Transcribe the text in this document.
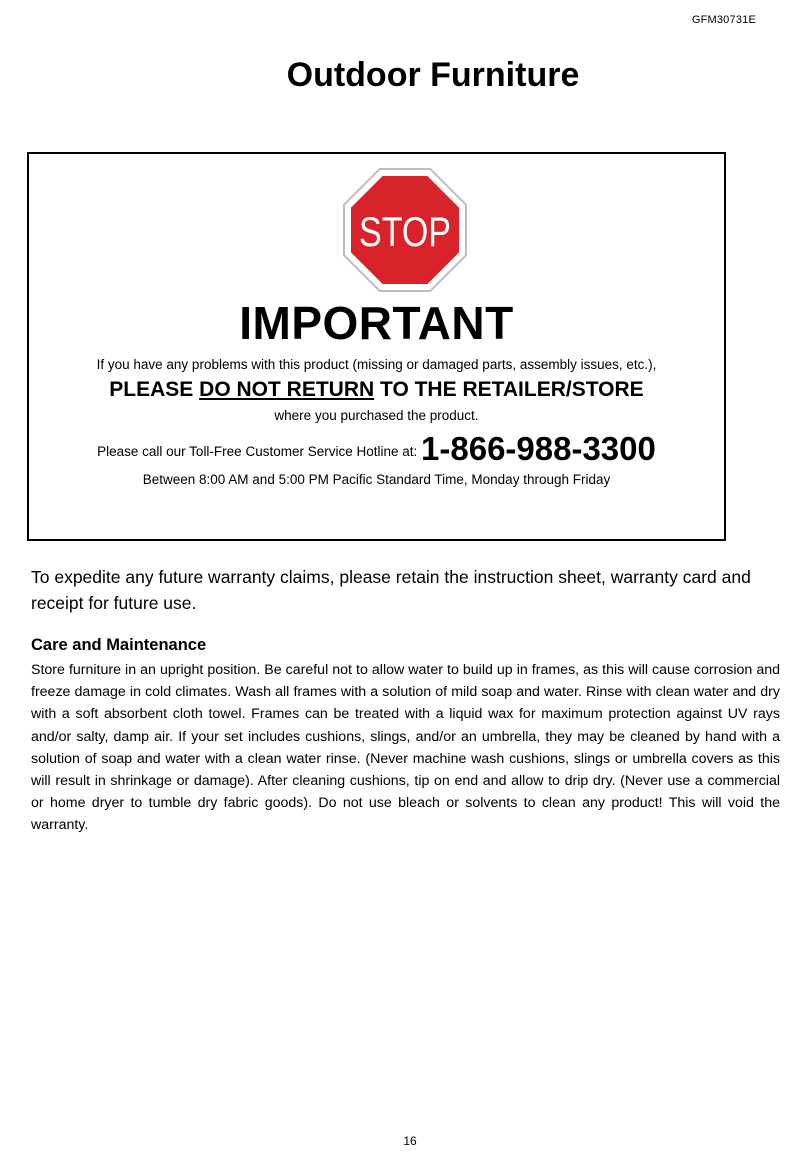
GFM30731E
Outdoor Furniture
STOP
IMPORTANT
If you have any problems with this product (missing or damaged parts, assembly issues, etc.),
PLEASE DO NOT RETURN TO THE RETAILER/STORE
where you purchased the product.
Please call our Toll-Free Customer Service Hotline at: 1-866-988-3300
Between 8:00 AM and 5:00 PM Pacific Standard Time, Monday through Friday

To expedite any future warranty claims, please retain the instruction sheet, warranty card and receipt for future use.

Care and Maintenance

Store furniture in an upright position. Be careful not to allow water to build up in frames, as this will cause corrosion and freeze damage in cold climates. Wash all frames with a solution of mild soap and water. Rinse with clean water and dry with a soft absorbent cloth towel. Frames can be treated with a liquid wax for maximum protection against UV rays and/or salty, damp air. If your set includes cushions, slings, and/or an umbrella, they may be cleaned by hand with a solution of soap and water with a clean water rinse. (Never machine wash cushions, slings or umbrella covers as this will result in shrinkage or damage). After cleaning cushions, tip on end and allow to drip dry. (Never use a commercial or home dryer to tumble dry fabric goods). Do not use bleach or solvents to clean any product! This will void the warranty.

16
